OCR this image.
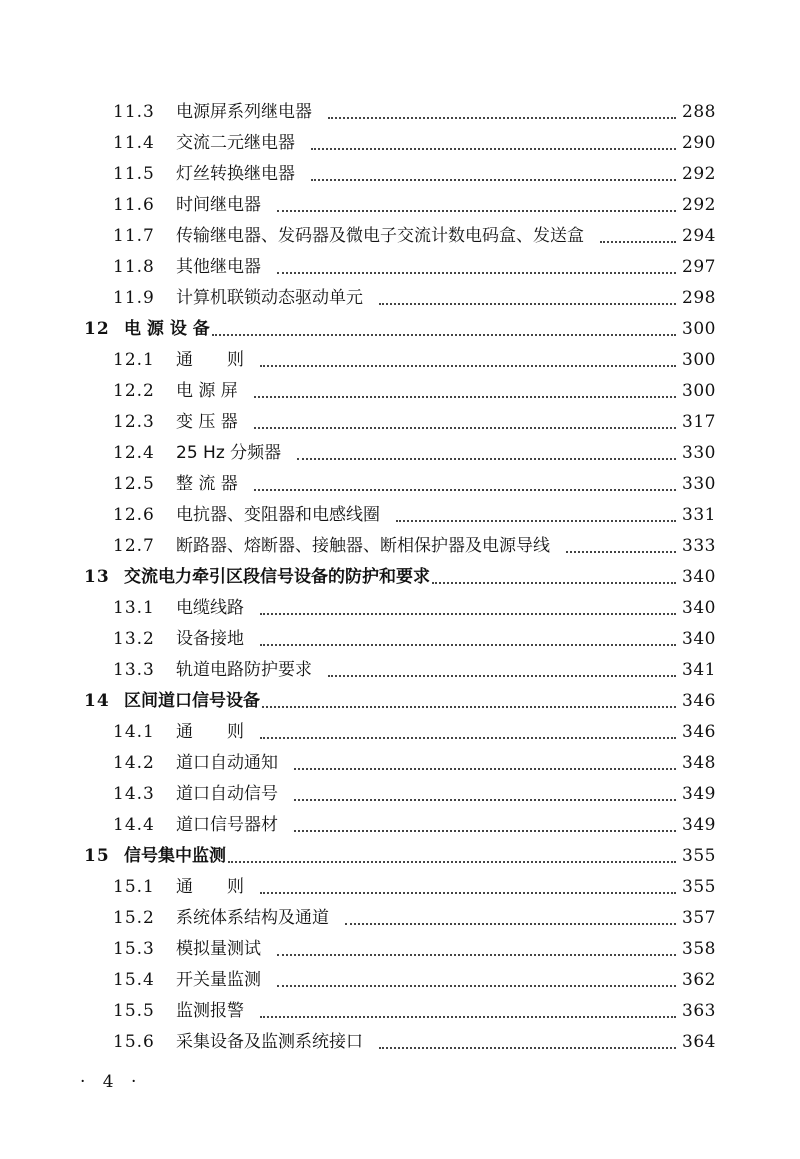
11.3 电源屏系列继电器	288
11.4 交流二元继电器	290
11.5 灯丝转换继电器	292
11.6 时间继电器	292
11.7 传输继电器、发码器及微电子交流计数电码盒、发送盒	294
11.8 其他继电器	297
11.9 计算机联锁动态驱动单元	298
12 电 源 设 备	300
12.1 通　　则	300
12.2 电 源 屏	300
12.3 变 压 器	317
12.4 25 Hz 分频器	330
12.5 整 流 器	330
12.6 电抗器、变阻器和电感线圈	331
12.7 断路器、熔断器、接触器、断相保护器及电源导线	333
13 交流电力牵引区段信号设备的防护和要求	340
13.1 电缆线路	340
13.2 设备接地	340
13.3 轨道电路防护要求	341
14 区间道口信号设备	346
14.1 通　　则	346
14.2 道口自动通知	348
14.3 道口自动信号	349
14.4 道口信号器材	349
15 信号集中监测	355
15.1 通　　则	355
15.2 系统体系结构及通道	357
15.3 模拟量测试	358
15.4 开关量监测	362
15.5 监测报警	363
15.6 采集设备及监测系统接口	364
· 4 ·
